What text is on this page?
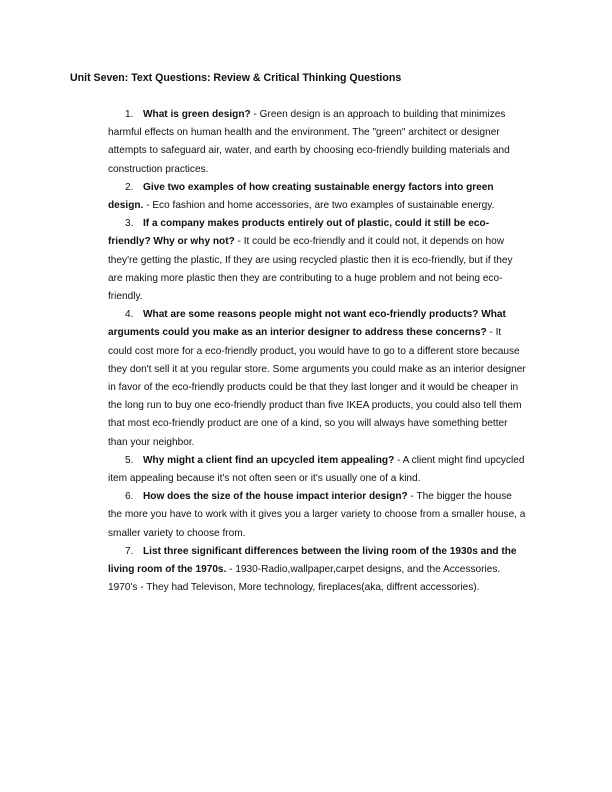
Unit Seven: Text Questions: Review & Critical Thinking Questions
1. What is green design? - Green design is an approach to building that minimizes harmful effects on human health and the environment. The "green" architect or designer attempts to safeguard air, water, and earth by choosing eco-friendly building materials and construction practices.
2. Give two examples of how creating sustainable energy factors into green design. - Eco fashion and home accessories, are two examples of sustainable energy.
3. If a company makes products entirely out of plastic, could it still be eco-friendly? Why or why not? - It could be eco-friendly and it could not, it depends on how they're getting the plastic, If they are using recycled plastic then it is eco-friendly, but if they are making more plastic then they are contributing to a huge problem and not being eco-friendly.
4. What are some reasons people might not want eco-friendly products? What arguments could you make as an interior designer to address these concerns? - It could cost more for a eco-friendly product, you would have to go to a different store because they don't sell it at you regular store. Some arguments you could make as an interior designer in favor of the eco-friendly products could be that they last longer and it would be cheaper in the long run to buy one eco-friendly product than five IKEA products, you could also tell them that most eco-friendly product are one of a kind, so you will always have something better than your neighbor.
5. Why might a client find an upcycled item appealing? - A client might find upcycled item appealing because it's not often seen or it's usually one of a kind.
6. How does the size of the house impact interior design? - The bigger the house the more you have to work with it gives you a larger variety to choose from a smaller house, a smaller variety to choose from.
7. List three significant differences between the living room of the 1930s and the living room of the 1970s. - 1930-Radio,wallpaper,carpet designs, and the Accessories. 1970's - They had Televison, More technology, fireplaces(aka, diffrent accessories).
